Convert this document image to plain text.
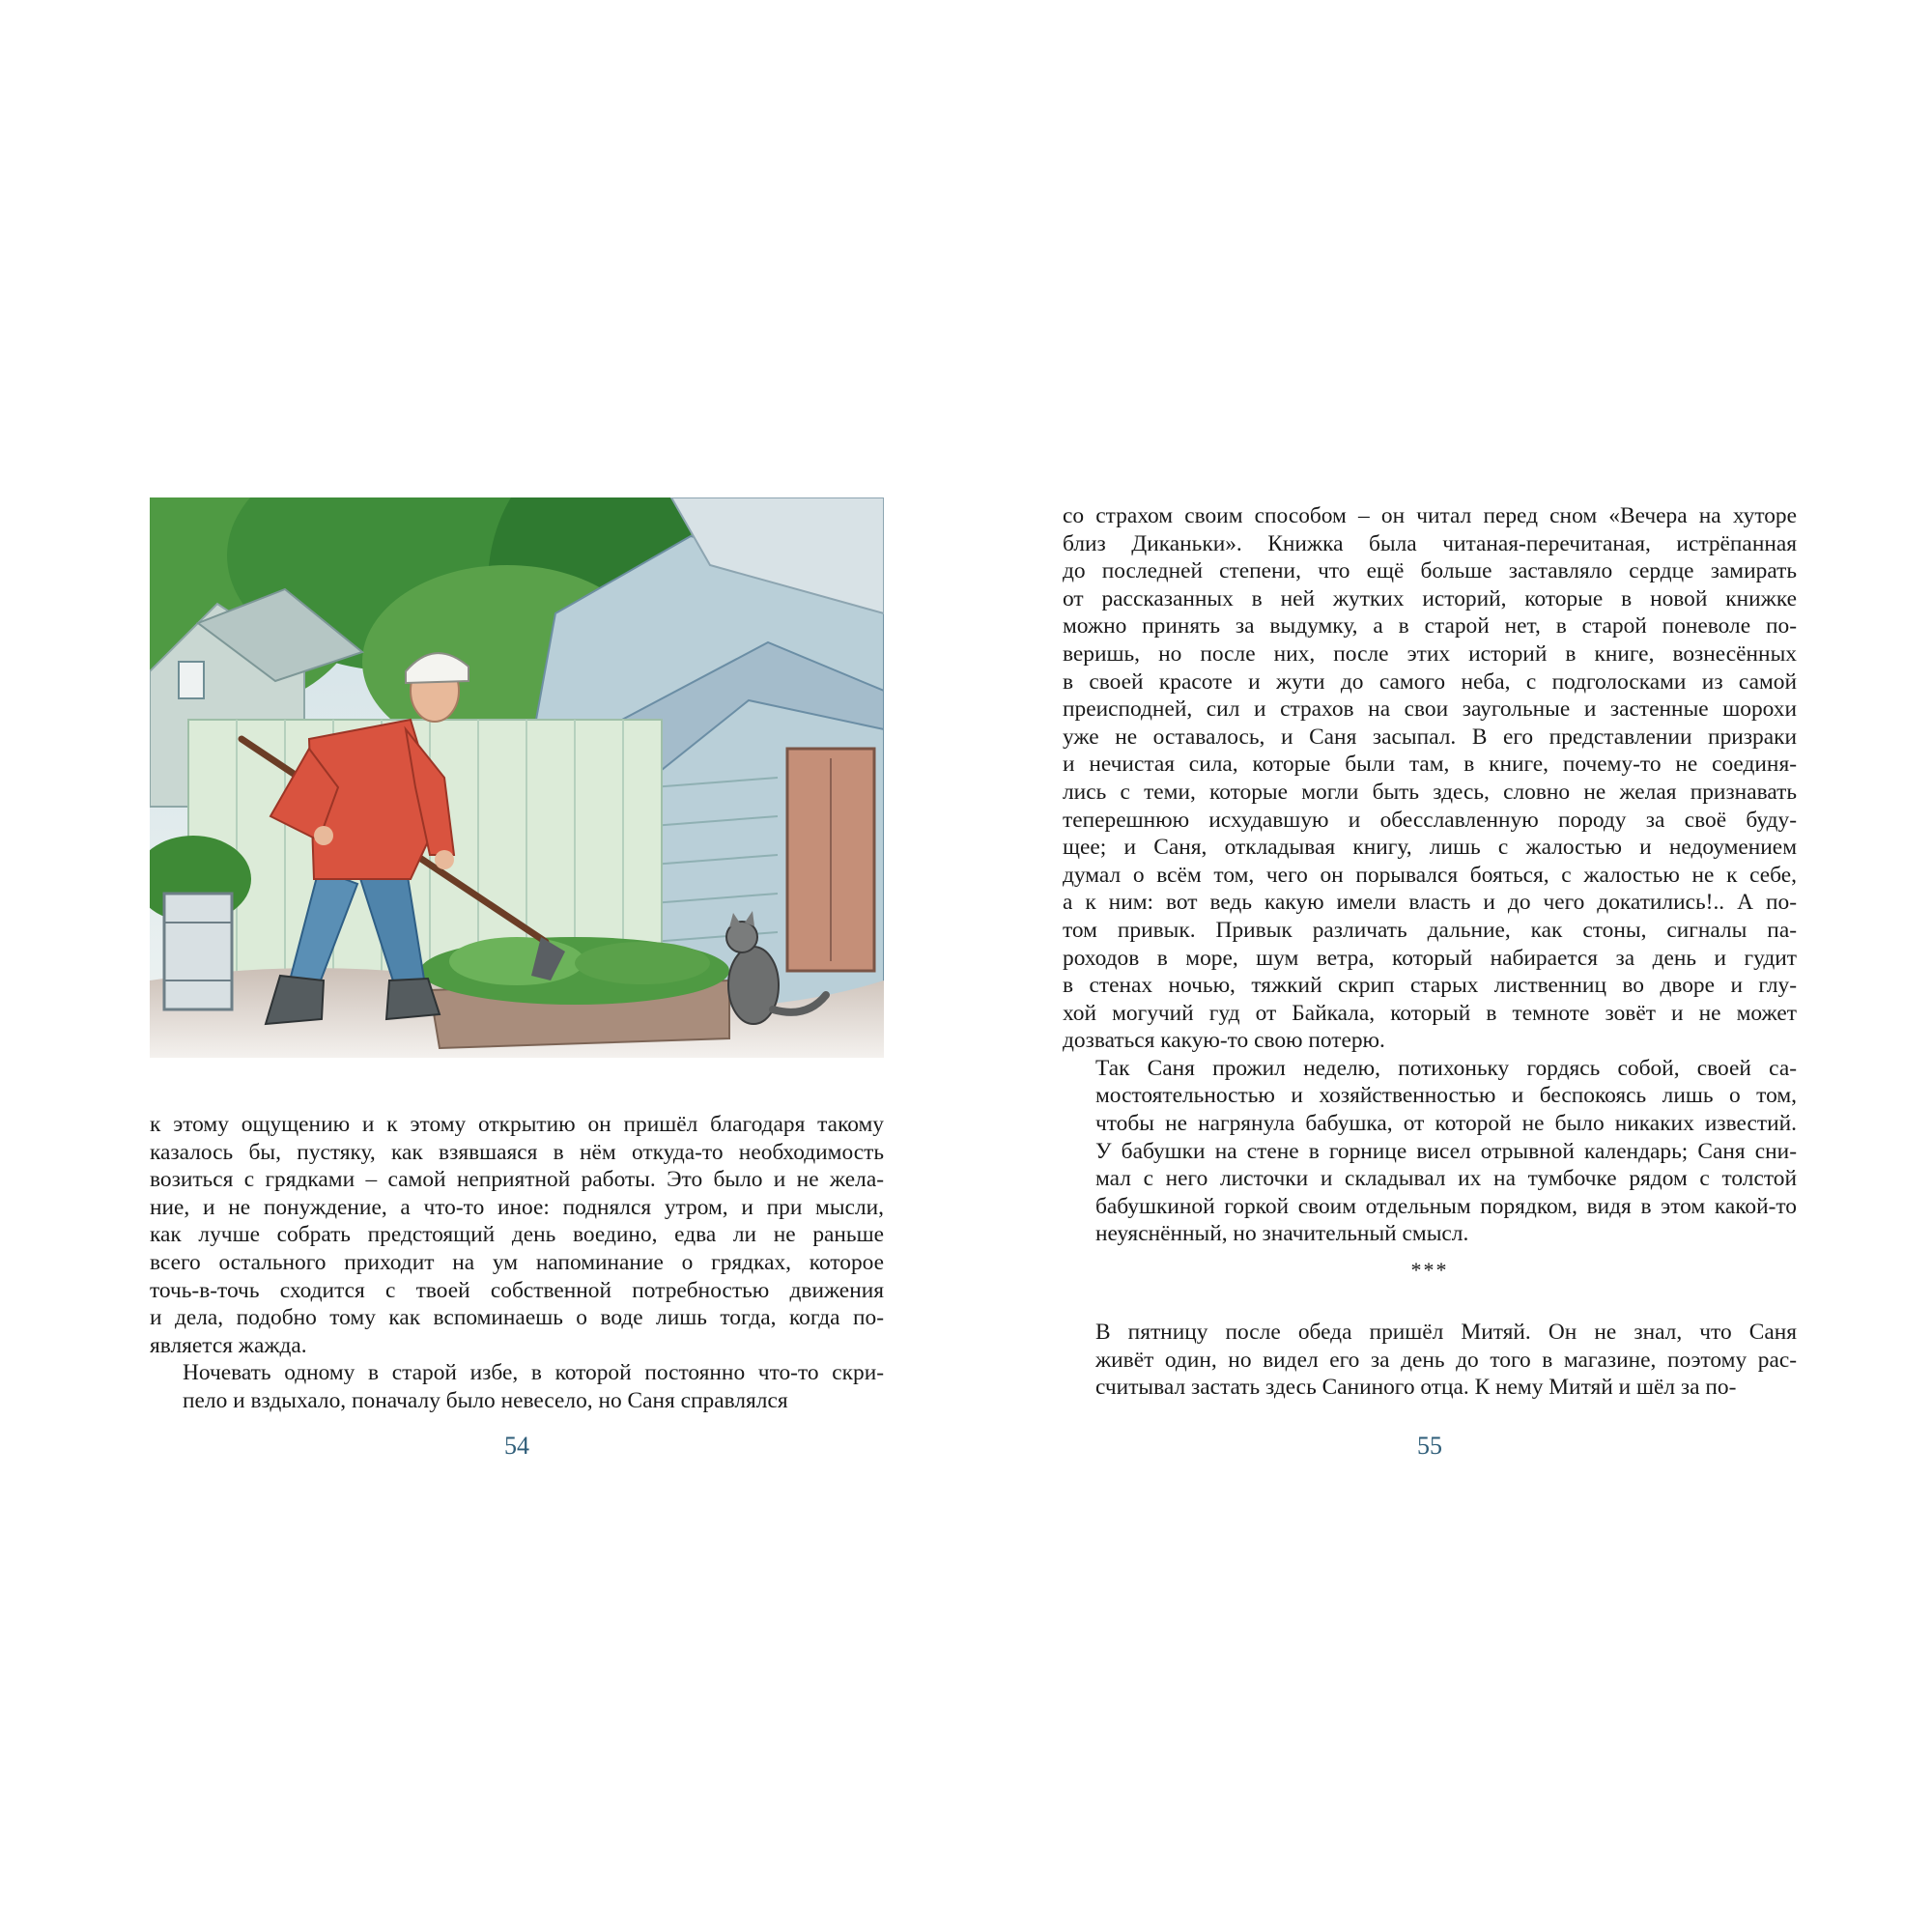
к этому ощущению и к этому открытию он пришёл благодаря такому
казалось бы, пустяку, как взявшаяся в нём откуда-то необходимость
возиться с грядками – самой неприятной работы. Это было и не жела-
ние, и не понуждение, а что-то иное: поднялся утром, и при мысли,
как лучше собрать предстоящий день воедино, едва ли не раньше
всего остального приходит на ум напоминание о грядках, которое
точь-в-точь сходится с твоей собственной потребностью движения
и дела, подобно тому как вспоминаешь о воде лишь тогда, когда по-
является жажда.

Ночевать одному в старой избе, в которой постоянно что-то скри-
пело и вздыхало, поначалу было невесело, но Саня справлялся

54

со страхом своим способом – он читал перед сном «Вечера на хуторе
близ Диканьки». Книжка была читаная-перечитаная, истрёпанная
до последней степени, что ещё больше заставляло сердце замирать
от рассказанных в ней жутких историй, которые в новой книжке
можно принять за выдумку, а в старой нет, в старой поневоле по-
веришь, но после них, после этих историй в книге, вознесённых
в своей красоте и жути до самого неба, с подголосками из самой
преисподней, сил и страхов на свои заугольные и застенные шорохи
уже не оставалось, и Саня засыпал. В его представлении призраки
и нечистая сила, которые были там, в книге, почему-то не соединя-
лись с теми, которые могли быть здесь, словно не желая признавать
теперешнюю исхудавшую и обесславленную породу за своё буду-
щее; и Саня, откладывая книгу, лишь с жалостью и недоумением
думал о всём том, чего он порывался бояться, с жалостью не к себе,
а к ним: вот ведь какую имели власть и до чего докатились!.. А по-
том привык. Привык различать дальние, как стоны, сигналы па-
роходов в море, шум ветра, который набирается за день и гудит
в стенах ночью, тяжкий скрип старых лиственниц во дворе и глу-
хой могучий гуд от Байкала, который в темноте зовёт и не может
дозваться какую-то свою потерю.

Так Саня прожил неделю, потихоньку гордясь собой, своей са-
мостоятельностью и хозяйственностью и беспокоясь лишь о том,
чтобы не нагрянула бабушка, от которой не было никаких известий.
У бабушки на стене в горнице висел отрывной календарь; Саня сни-
мал с него листочки и складывал их на тумбочке рядом с толстой
бабушкиной горкой своим отдельным порядком, видя в этом какой-то
неуяснённый, но значительный смысл.

***

В пятницу после обеда пришёл Митяй. Он не знал, что Саня
живёт один, но видел его за день до того в магазине, поэтому рас-
считывал застать здесь Саниного отца. К нему Митяй и шёл за по-

55
